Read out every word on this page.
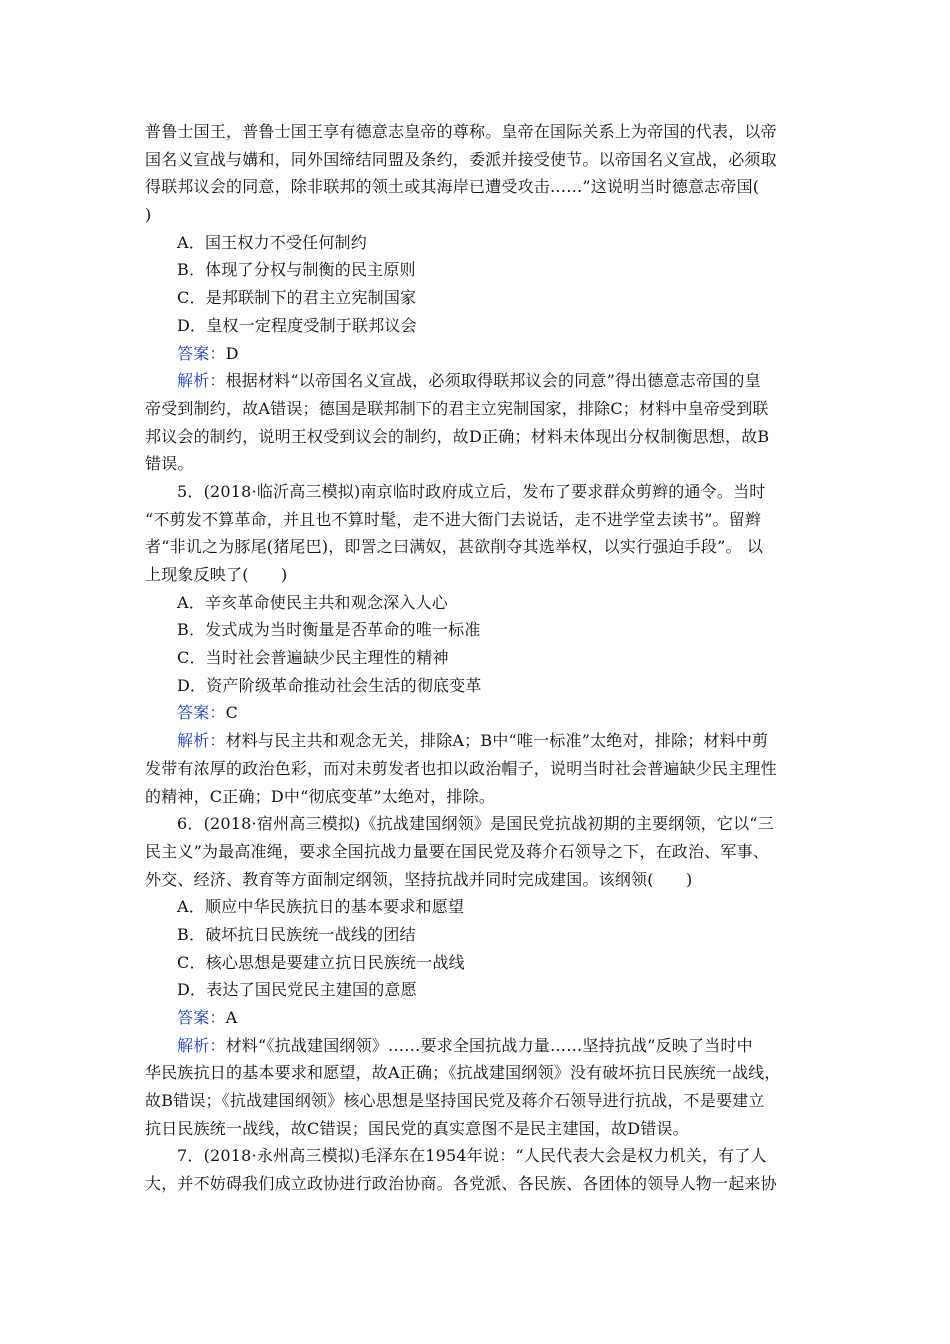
普鲁士国王，普鲁士国王享有德意志皇帝的尊称。皇帝在国际关系上为帝国的代表，以帝
国名义宣战与媾和，同外国缔结同盟及条约，委派并接受使节。以帝国名义宣战，必须取
得联邦议会的同意，除非联邦的领土或其海岸已遭受攻击……”这说明当时德意志帝国(
)
A．国王权力不受任何制约
B．体现了分权与制衡的民主原则
C．是邦联制下的君主立宪制国家
D．皇权一定程度受制于联邦议会
答案：D
解析：根据材料“以帝国名义宣战，必须取得联邦议会的同意”得出德意志帝国的皇
帝受到制约，故A错误；德国是联邦制下的君主立宪制国家，排除C；材料中皇帝受到联
邦议会的制约，说明王权受到议会的制约，故D正确；材料未体现出分权制衡思想，故B
错误。
5．(2018·临沂高三模拟)南京临时政府成立后，发布了要求群众剪辫的通令。当时
“不剪发不算革命，并且也不算时髦，走不进大衙门去说话，走不进学堂去读书”。留辫
者“非讥之为豚尾(猪尾巴)，即詈之曰满奴，甚欲削夺其选举权，以实行强迫手段”。 以
上现象反映了(　　)
A．辛亥革命使民主共和观念深入人心
B．发式成为当时衡量是否革命的唯一标准
C．当时社会普遍缺少民主理性的精神
D．资产阶级革命推动社会生活的彻底变革
答案：C
解析：材料与民主共和观念无关，排除A；B中“唯一标准”太绝对，排除；材料中剪
发带有浓厚的政治色彩，而对未剪发者也扣以政治帽子，说明当时社会普遍缺少民主理性
的精神，C正确；D中“彻底变革”太绝对，排除。
6．(2018·宿州高三模拟)《抗战建国纲领》是国民党抗战初期的主要纲领，它以“三
民主义”为最高准绳，要求全国抗战力量要在国民党及蒋介石领导之下，在政治、军事、
外交、经济、教育等方面制定纲领，坚持抗战并同时完成建国。该纲领(　　)
A．顺应中华民族抗日的基本要求和愿望
B．破坏抗日民族统一战线的团结
C．核心思想是要建立抗日民族统一战线
D．表达了国民党民主建国的意愿
答案：A
解析：材料“《抗战建国纲领》……要求全国抗战力量……坚持抗战”反映了当时中
华民族抗日的基本要求和愿望，故A正确；《抗战建国纲领》没有破坏抗日民族统一战线，
故B错误；《抗战建国纲领》核心思想是坚持国民党及蒋介石领导进行抗战，不是要建立
抗日民族统一战线，故C错误；国民党的真实意图不是民主建国，故D错误。
7．(2018·永州高三模拟)毛泽东在1954年说：“人民代表大会是权力机关，有了人
大，并不妨碍我们成立政协进行政治协商。各党派、各民族、各团体的领导人物一起来协
